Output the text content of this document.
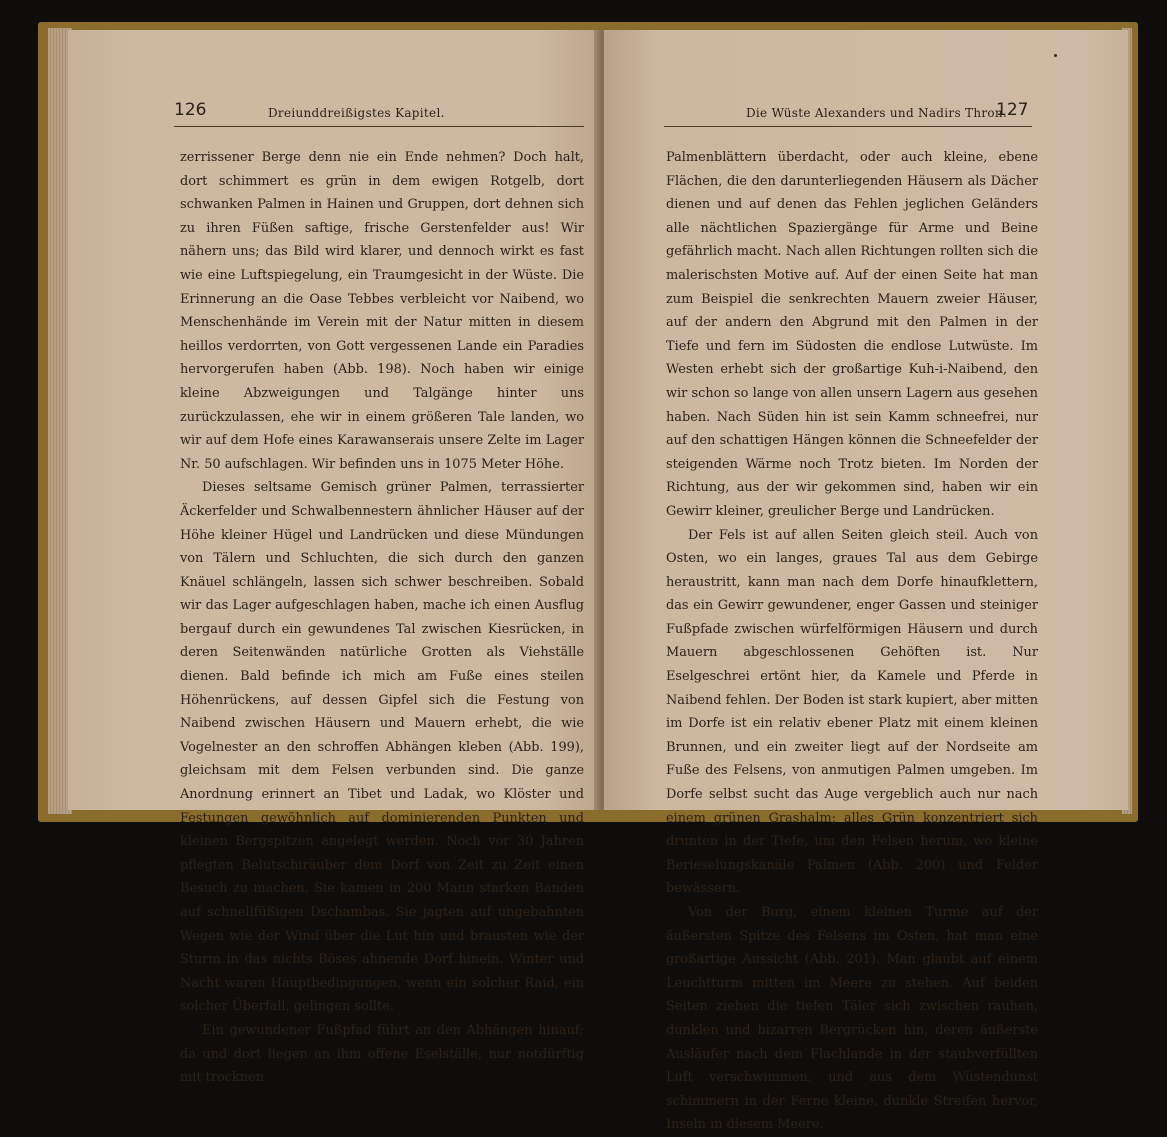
126	Dreiunddreißigstes Kapitel.

zerrissener Berge denn nie ein Ende nehmen? Doch halt, dort schimmert es grün in dem ewigen Rotgelb, dort schwanken Palmen in Hainen und Gruppen, dort dehnen sich zu ihren Füßen saftige, frische Gerstenfelder aus! Wir nähern uns; das Bild wird klarer, und dennoch wirkt es fast wie eine Luftspiegelung, ein Traumgesicht in der Wüste. Die Erinnerung an die Oase Tebbes verbleicht vor Naibend, wo Menschenhände im Verein mit der Natur mitten in diesem heillos verdorrten, von Gott vergessenen Lande ein Paradies hervorgerufen haben (Abb. 198). Noch haben wir einige kleine Abzweigungen und Talgänge hinter uns zurückzulassen, ehe wir in einem größeren Tale landen, wo wir auf dem Hofe eines Karawanserais unsere Zelte im Lager Nr. 50 aufschlagen. Wir befinden uns in 1075 Meter Höhe.

Dieses seltsame Gemisch grüner Palmen, terrassierter Äckerfelder und Schwalbennestern ähnlicher Häuser auf der Höhe kleiner Hügel und Landrücken und diese Mündungen von Tälern und Schluchten, die sich durch den ganzen Knäuel schlängeln, lassen sich schwer beschreiben. Sobald wir das Lager aufgeschlagen haben, mache ich einen Ausflug bergauf durch ein gewundenes Tal zwischen Kiesrücken, in deren Seitenwänden natürliche Grotten als Viehställe dienen. Bald befinde ich mich am Fuße eines steilen Höhenrückens, auf dessen Gipfel sich die Festung von Naibend zwischen Häusern und Mauern erhebt, die wie Vogelnester an den schroffen Abhängen kleben (Abb. 199), gleichsam mit dem Felsen verbunden sind. Die ganze Anordnung erinnert an Tibet und Ladak, wo Klöster und Festungen gewöhnlich auf dominierenden Punkten und kleinen Bergspitzen angelegt werden. Noch vor 30 Jahren pflegten Belutschiräuber dem Dorf von Zeit zu Zeit einen Besuch zu machen. Sie kamen in 200 Mann starken Banden auf schnellfüßigen Dschambas. Sie jagten auf ungebahnten Wegen wie der Wind über die Lut hin und brausten wie der Sturm in das nichts Böses ahnende Dorf hinein. Winter und Nacht waren Hauptbedingungen, wenn ein solcher Raid, ein solcher Überfall, gelingen sollte.

Ein gewundener Fußpfad führt an den Abhängen hinauf; da und dort liegen an ihm offene Eselställe, nur notdürftig mit trocknen

Die Wüste Alexanders und Nadirs Thron.
127

Palmenblättern überdacht, oder auch kleine, ebene Flächen, die den darunterliegenden Häusern als Dächer dienen und auf denen das Fehlen jeglichen Geländers alle nächtlichen Spaziergänge für Arme und Beine gefährlich macht. Nach allen Richtungen rollten sich die malerischsten Motive auf. Auf der einen Seite hat man zum Beispiel die senkrechten Mauern zweier Häuser, auf der andern den Abgrund mit den Palmen in der Tiefe und fern im Südosten die endlose Lutwüste. Im Westen erhebt sich der großartige Kuh-i-Naibend, den wir schon so lange von allen unsern Lagern aus gesehen haben. Nach Süden hin ist sein Kamm schneefrei, nur auf den schattigen Hängen können die Schneefelder der steigenden Wärme noch Trotz bieten. Im Norden der Richtung, aus der wir gekommen sind, haben wir ein Gewirr kleiner, greulicher Berge und Landrücken.

Der Fels ist auf allen Seiten gleich steil. Auch von Osten, wo ein langes, graues Tal aus dem Gebirge heraustritt, kann man nach dem Dorfe hinaufklettern, das ein Gewirr gewundener, enger Gassen und steiniger Fußpfade zwischen würfelförmigen Häusern und durch Mauern abgeschlossenen Gehöften ist. Nur Eselgeschrei ertönt hier, da Kamele und Pferde in Naibend fehlen. Der Boden ist stark kupiert, aber mitten im Dorfe ist ein relativ ebener Platz mit einem kleinen Brunnen, und ein zweiter liegt auf der Nordseite am Fuße des Felsens, von anmutigen Palmen umgeben. Im Dorfe selbst sucht das Auge vergeblich auch nur nach einem grünen Grashalm; alles Grün konzentriert sich drunten in der Tiefe, um den Felsen herum, wo kleine Berieselungskanäle Palmen (Abb. 200) und Felder bewässern.

Von der Burg, einem kleinen Turme auf der äußersten Spitze des Felsens im Osten, hat man eine großartige Aussicht (Abb. 201). Man glaubt auf einem Leuchtturm mitten im Meere zu stehen. Auf beiden Seiten ziehen die tiefen Täler sich zwischen rauhen, dunklen und bizarren Bergrücken hin, deren äußerste Ausläufer nach dem Flachlande in der staubverfüllten Luft verschwimmen, und aus dem Wüstendunst schimmern in der Ferne kleine, dunkle Streifen hervor, Inseln in diesem Meere.
